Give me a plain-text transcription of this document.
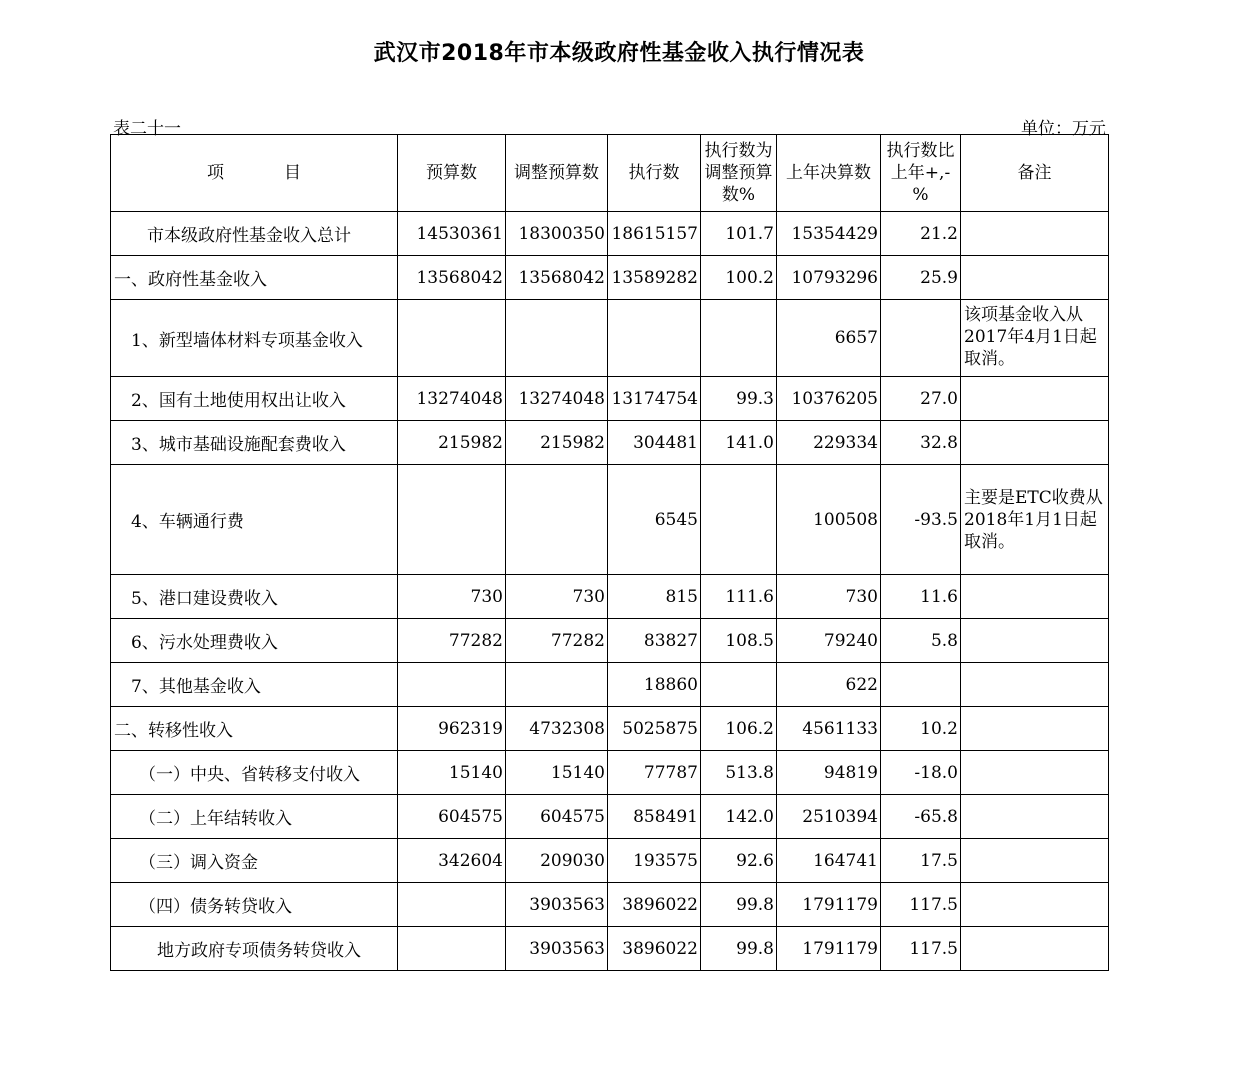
武汉市2018年市本级政府性基金收入执行情况表
表二十一	单位：万元
项 目	预算数	调整预算数	执行数	执行数为调整预算数%	上年决算数	执行数比上年+,-%	备注
市本级政府性基金收入总计	14530361	18300350	18615157	101.7	15354429	21.2	
一、政府性基金收入	13568042	13568042	13589282	100.2	10793296	25.9	
1、新型墙体材料专项基金收入					6657		该项基金收入从2017年4月1日起取消。
2、国有土地使用权出让收入	13274048	13274048	13174754	99.3	10376205	27.0	
3、城市基础设施配套费收入	215982	215982	304481	141.0	229334	32.8	
4、车辆通行费			6545		100508	-93.5	主要是ETC收费从2018年1月1日起取消。
5、港口建设费收入	730	730	815	111.6	730	11.6	
6、污水处理费收入	77282	77282	83827	108.5	79240	5.8	
7、其他基金收入			18860		622		
二、转移性收入	962319	4732308	5025875	106.2	4561133	10.2	
（一）中央、省转移支付收入	15140	15140	77787	513.8	94819	-18.0	
（二）上年结转收入	604575	604575	858491	142.0	2510394	-65.8	
（三）调入资金	342604	209030	193575	92.6	164741	17.5	
（四）债务转贷收入		3903563	3896022	99.8	1791179	117.5	
地方政府专项债务转贷收入		3903563	3896022	99.8	1791179	117.5	
